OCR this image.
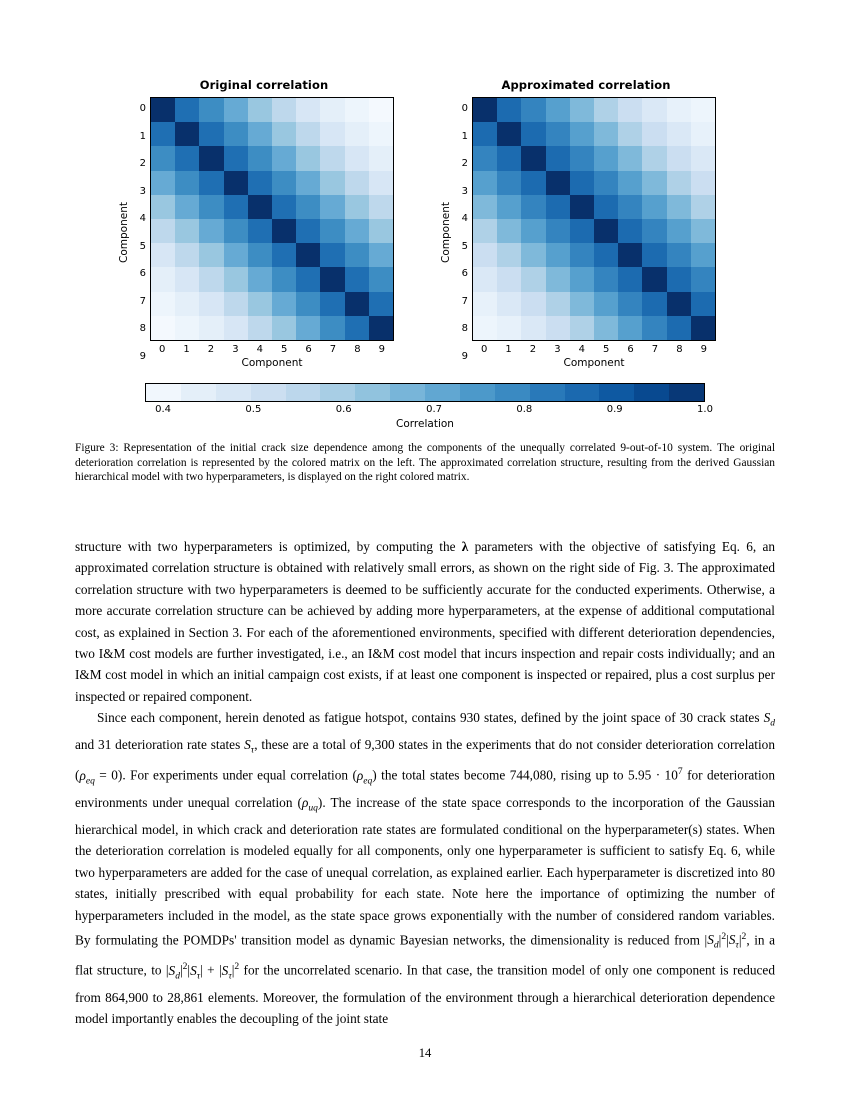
Original correlation
Component
0
1
2
3
4
5
6
7
8
9
0	1	2	3	4	5	6	7	8	9
Component
Approximated correlation
Component
0
1
2
3
4
5
6
7
8
9
0	1	2	3	4	5	6	7	8	9
Component
0.4	0.5	0.6	0.7	0.8	0.9	1.0
Correlation
Figure 3: Representation of the initial crack size dependence among the components of the unequally correlated 9-out-of-10 system. The original deterioration correlation is represented by the colored matrix on the left. The approximated correlation structure, resulting from the derived Gaussian hierarchical model with two hyperparameters, is displayed on the right colored matrix.

structure with two hyperparameters is optimized, by computing the λ parameters with the objective of satisfying Eq. 6, an approximated correlation structure is obtained with relatively small errors, as shown on the right side of Fig. 3. The approximated correlation structure with two hyperparameters is deemed to be sufficiently accurate for the conducted experiments. Otherwise, a more accurate correlation structure can be achieved by adding more hyperparameters, at the expense of additional computational cost, as explained in Section 3. For each of the aforementioned environments, specified with different deterioration dependencies, two I&M cost models are further investigated, i.e., an I&M cost model that incurs inspection and repair costs individually; and an I&M cost model in which an initial campaign cost exists, if at least one component is inspected or repaired, plus a cost surplus per inspected or repaired component.

Since each component, herein denoted as fatigue hotspot, contains 930 states, defined by the joint space of 30 crack states $S_d$ and 31 deterioration rate states $S_\tau$, these are a total of 9,300 states in the experiments that do not consider deterioration correlation $(\rho_{eq} = 0)$. For experiments under equal correlation $(\rho_{eq})$ the total states become 744,080, rising up to $5.95 \cdot 10^7$ for deterioration environments under unequal correlation $(\rho_{uq})$. The increase of the state space corresponds to the incorporation of the Gaussian hierarchical model, in which crack and deterioration rate states are formulated conditional on the hyperparameter(s) states. When the deterioration correlation is modeled equally for all components, only one hyperparameter is sufficient to satisfy Eq. 6, while two hyperparameters are added for the case of unequal correlation, as explained earlier. Each hyperparameter is discretized into 80 states, initially prescribed with equal probability for each state. Note here the importance of optimizing the number of hyperparameters included in the model, as the state space grows exponentially with the number of considered random variables. By formulating the POMDPs' transition model as dynamic Bayesian networks, the dimensionality is reduced from $|S_d|^2|S_\tau|^2$, in a flat structure, to $|S_d|^2|S_\tau| + |S_\tau|^2$ for the uncorrelated scenario. In that case, the transition model of only one component is reduced from 864,900 to 28,861 elements. Moreover, the formulation of the environment through a hierarchical deterioration dependence model importantly enables the decoupling of the joint state

14
